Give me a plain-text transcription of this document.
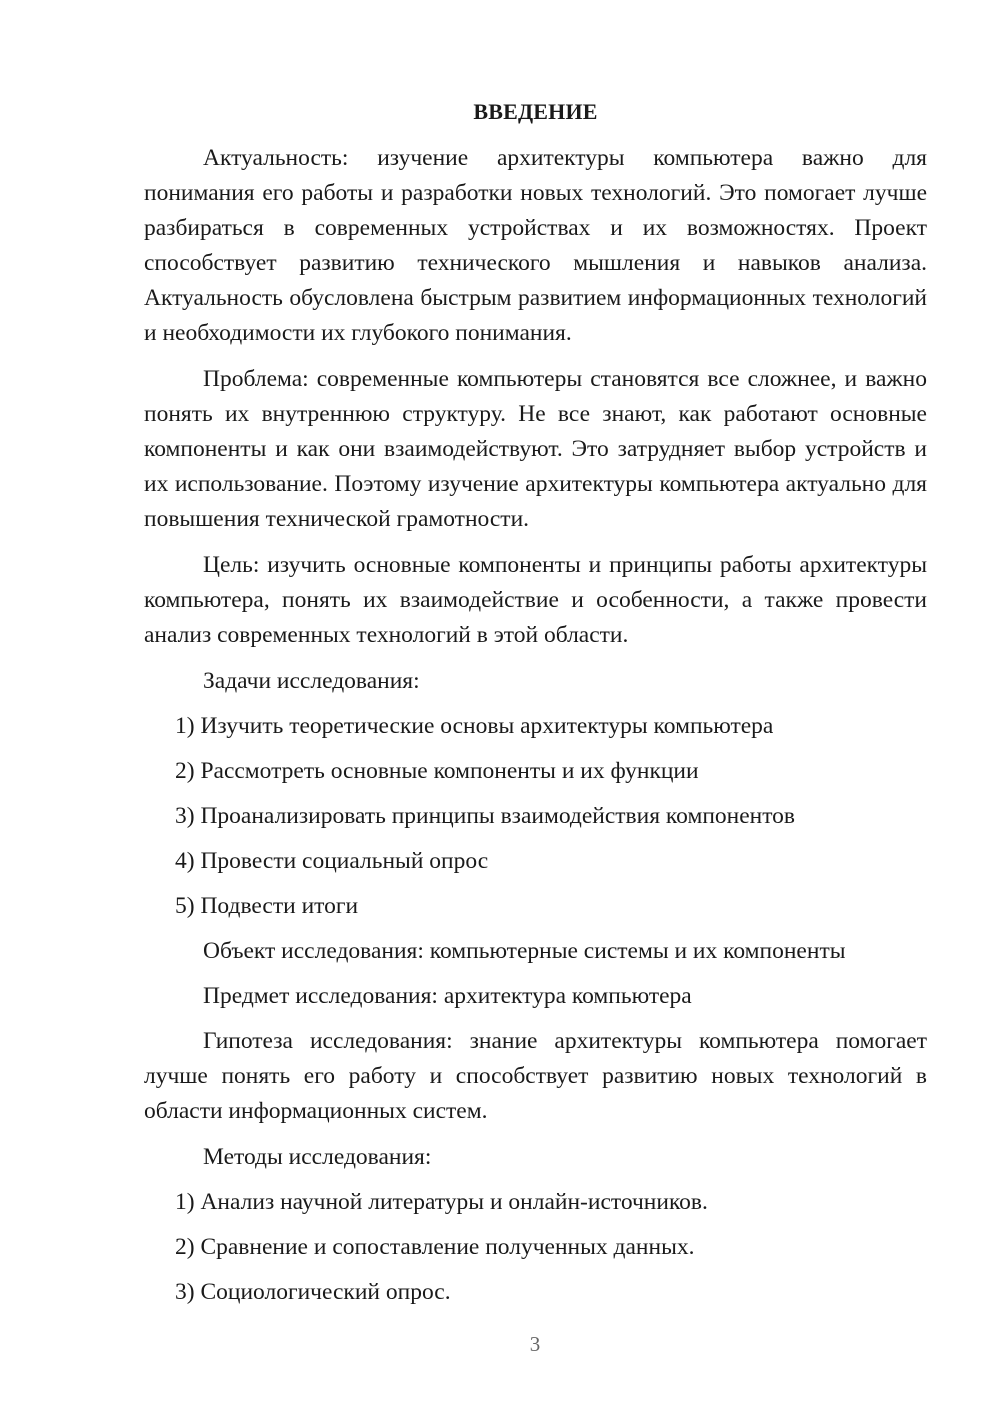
ВВЕДЕНИЕ

Актуальность: изучение архитектуры компьютера важно для понимания его работы и разработки новых технологий. Это помогает лучше разбираться в современных устройствах и их возможностях. Проект способствует развитию технического мышления и навыков анализа. Актуальность обусловлена быстрым развитием информационных технологий и необходимости их глубокого понимания.

Проблема: современные компьютеры становятся все сложнее, и важно понять их внутреннюю структуру. Не все знают, как работают основные компоненты и как они взаимодействуют. Это затрудняет выбор устройств и их использование. Поэтому изучение архитектуры компьютера актуально для повышения технической грамотности.

Цель: изучить основные компоненты и принципы работы архитектуры компьютера, понять их взаимодействие и особенности, а также провести анализ современных технологий в этой области.

Задачи исследования:

1) Изучить теоретические основы архитектуры компьютера
2) Рассмотреть основные компоненты и их функции
3) Проанализировать принципы взаимодействия компонентов
4) Провести социальный опрос
5) Подвести итоги

Объект исследования: компьютерные системы и их компоненты

Предмет исследования: архитектура компьютера

Гипотеза исследования: знание архитектуры компьютера помогает лучше понять его работу и способствует развитию новых технологий в области информационных систем.

Методы исследования:

1) Анализ научной литературы и онлайн-источников.
2) Сравнение и сопоставление полученных данных.
3) Социологический опрос.
3
